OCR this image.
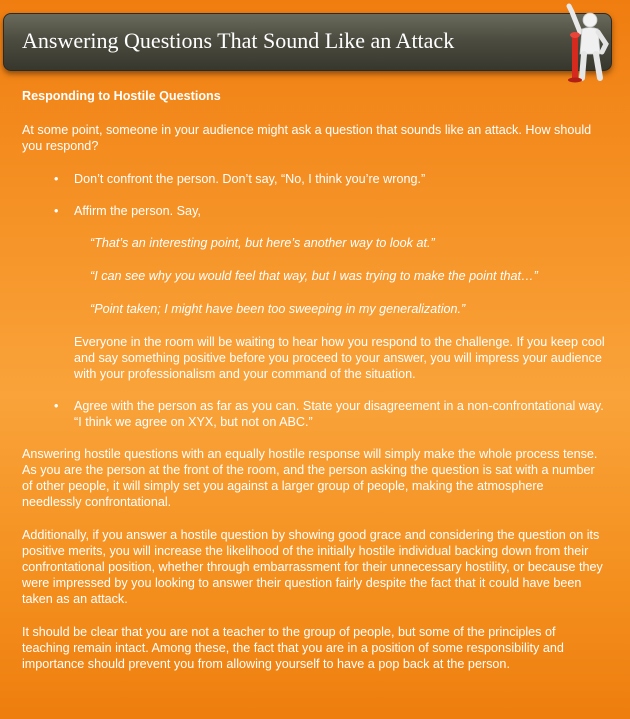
Answering Questions That Sound Like an Attack

Responding to Hostile Questions

At some point, someone in your audience might ask a question that sounds like an attack. How should you respond?

• Don’t confront the person. Don’t say, “No, I think you’re wrong.”
• Affirm the person. Say,

“That’s an interesting point, but here’s another way to look at.”

“I can see why you would feel that way, but I was trying to make the point that…”

“Point taken; I might have been too sweeping in my generalization.”

Everyone in the room will be waiting to hear how you respond to the challenge. If you keep cool and say something positive before you proceed to your answer, you will impress your audience with your professionalism and your command of the situation.

• Agree with the person as far as you can. State your disagreement in a non-confrontational way. “I think we agree on XYX, but not on ABC.”

Answering hostile questions with an equally hostile response will simply make the whole process tense. As you are the person at the front of the room, and the person asking the question is sat with a number of other people, it will simply set you against a larger group of people, making the atmosphere needlessly confrontational.

Additionally, if you answer a hostile question by showing good grace and considering the question on its positive merits, you will increase the likelihood of the initially hostile individual backing down from their confrontational position, whether through embarrassment for their unnecessary hostility, or because they were impressed by you looking to answer their question fairly despite the fact that it could have been taken as an attack.

It should be clear that you are not a teacher to the group of people, but some of the principles of teaching remain intact. Among these, the fact that you are in a position of some responsibility and importance should prevent you from allowing yourself to have a pop back at the person.
